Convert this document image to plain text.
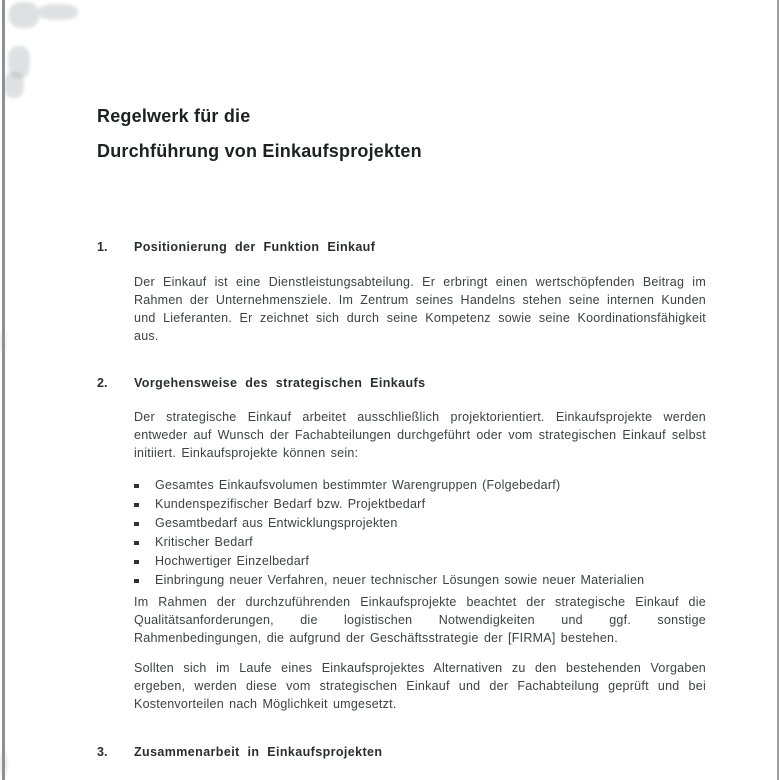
Regelwerk für die
Durchführung von Einkaufsprojekten
1.	Positionierung der Funktion Einkauf
Der Einkauf ist eine Dienstleistungsabteilung. Er erbringt einen wertschöpfenden Beitrag im Rahmen der Unternehmensziele. Im Zentrum seines Handelns stehen seine internen Kunden und Lieferanten. Er zeichnet sich durch seine Kompetenz sowie seine Koordinationsfähigkeit aus.
2.	Vorgehensweise des strategischen Einkaufs
Der strategische Einkauf arbeitet ausschließlich projektorientiert. Einkaufsprojekte werden entweder auf Wunsch der Fachabteilungen durchgeführt oder vom strategischen Einkauf selbst initiiert. Einkaufsprojekte können sein:
Gesamtes Einkaufsvolumen bestimmter Warengruppen (Folgebedarf)
Kundenspezifischer Bedarf bzw. Projektbedarf
Gesamtbedarf aus Entwicklungsprojekten
Kritischer Bedarf
Hochwertiger Einzelbedarf
Einbringung neuer Verfahren, neuer technischer Lösungen sowie neuer Materialien
Im Rahmen der durchzuführenden Einkaufsprojekte beachtet der strategische Einkauf die Qualitätsanforderungen, die logistischen Notwendigkeiten und ggf. sonstige Rahmenbedingungen, die aufgrund der Geschäftsstrategie der [FIRMA] bestehen.
Sollten sich im Laufe eines Einkaufsprojektes Alternativen zu den bestehenden Vorgaben ergeben, werden diese vom strategischen Einkauf und der Fachabteilung geprüft und bei Kostenvorteilen nach Möglichkeit umgesetzt.
3.	Zusammenarbeit in Einkaufsprojekten
